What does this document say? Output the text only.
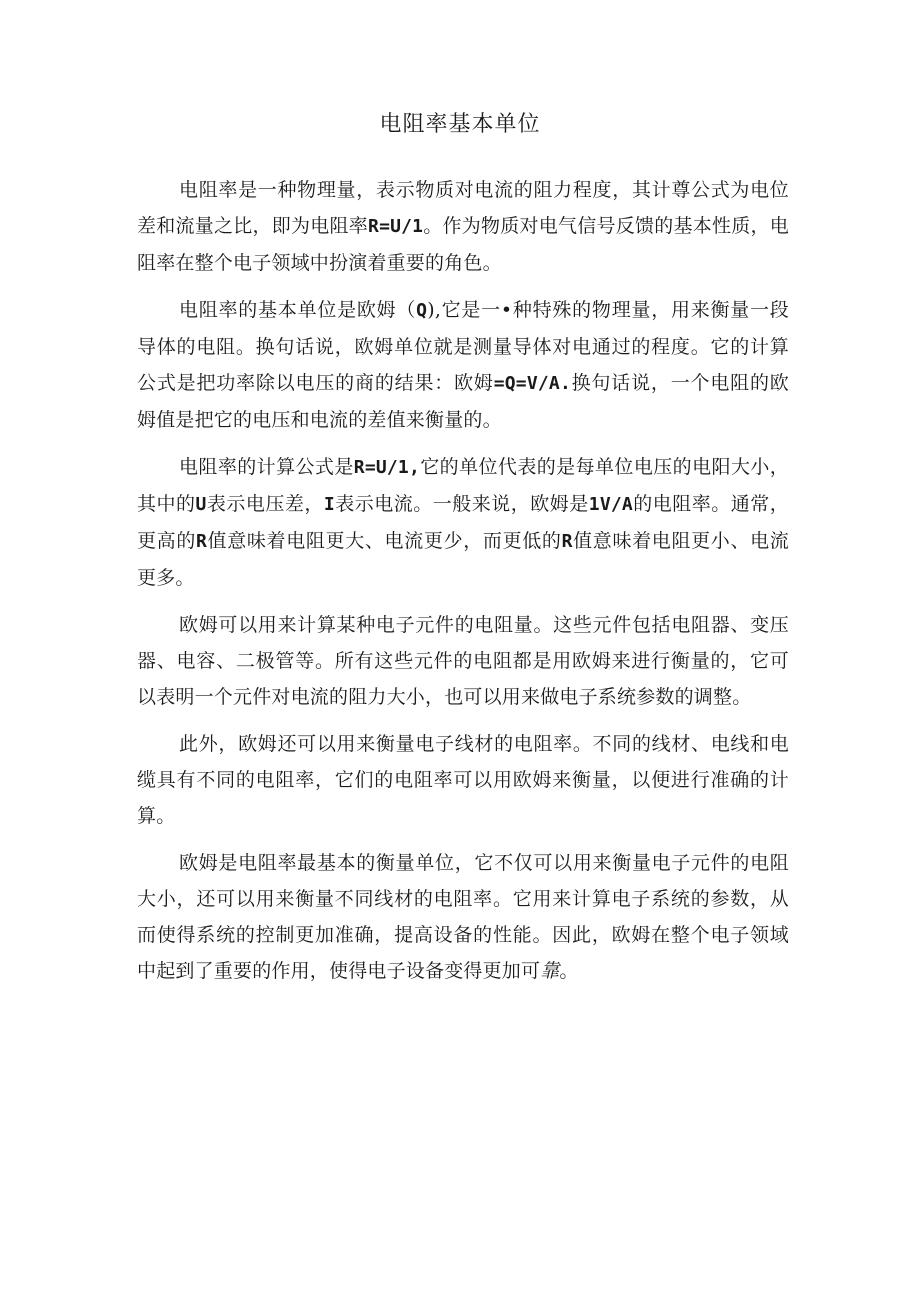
电阻率基本单位

电阻率是一种物理量，表示物质对电流的阻力程度，其计尊公式为电位差和流量之比，即为电阻率R=U/1。作为物质对电气信号反馈的基本性质，电阻率在整个电子领域中扮演着重要的角色。

电阻率的基本单位是欧姆（Q),它是一•种特殊的物理量，用来衡量一段导体的电阻。换句话说，欧姆单位就是测量导体对电通过的程度。它的计算公式是把功率除以电压的商的结果：欧姆=Q=V∕A.换句话说，一个电阻的欧姆值是把它的电压和电流的差值来衡量的。

电阻率的计算公式是R=U/1,它的单位代表的是每单位电压的电阳大小，其中的U表示电压差，I表示电流。一般来说，欧姆是1V/A的电阻率。通常，更高的R值意味着电阻更大、电流更少，而更低的R值意味着电阻更小、电流更多。

欧姆可以用来计算某种电子元件的电阻量。这些元件包括电阻器、变压器、电容、二极管等。所有这些元件的电阻都是用欧姆来进行衡量的，它可以表明一个元件对电流的阻力大小，也可以用来做电子系统参数的调整。

此外，欧姆还可以用来衡量电子线材的电阻率。不同的线材、电线和电缆具有不同的电阻率，它们的电阻率可以用欧姆来衡量，以便进行准确的计算。

欧姆是电阻率最基本的衡量单位，它不仅可以用来衡量电子元件的电阻大小，还可以用来衡量不同线材的电阻率。它用来计算电子系统的参数，从而使得系统的控制更加准确，提高设备的性能。因此，欧姆在整个电子领域中起到了重要的作用，使得电子设备变得更加可靠。
